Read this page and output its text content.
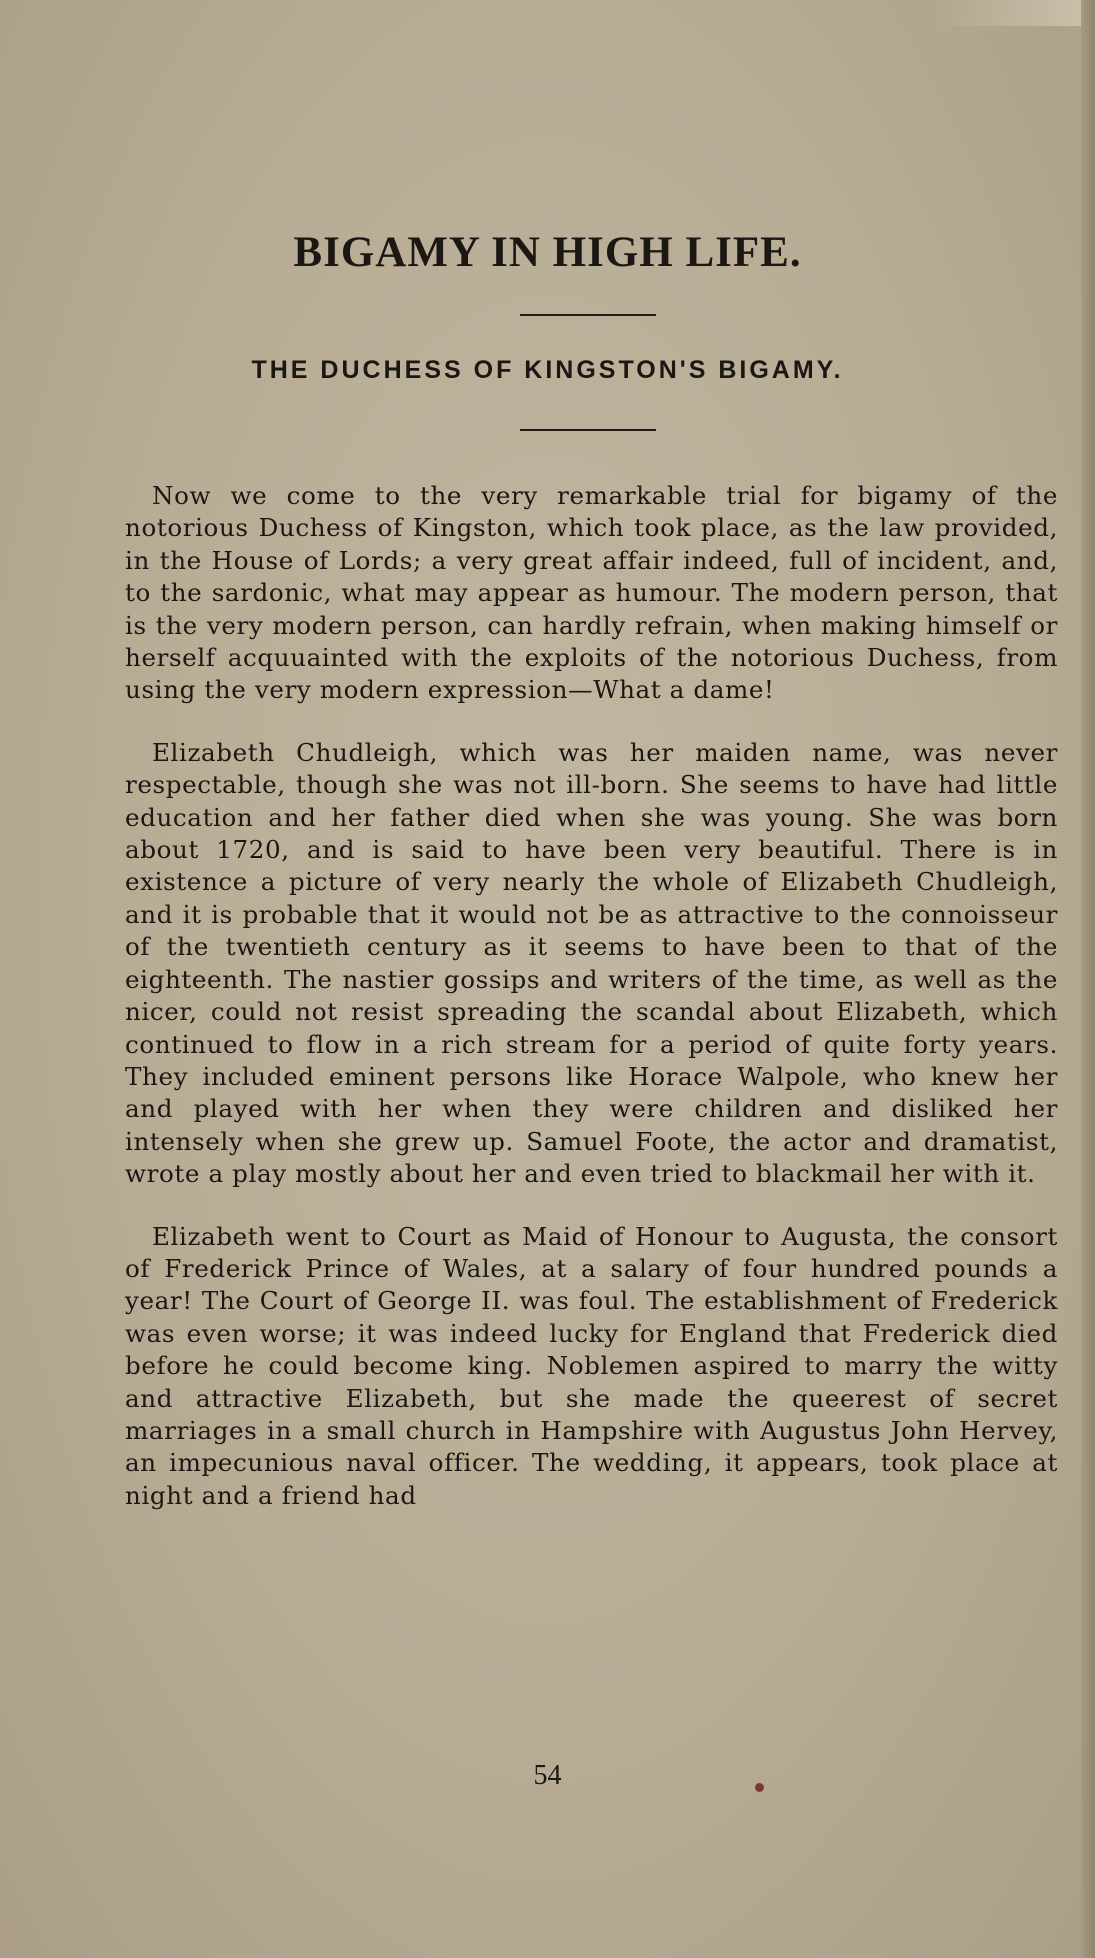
BIGAMY IN HIGH LIFE.
THE DUCHESS OF KINGSTON'S BIGAMY.

Now we come to the very remarkable trial for bigamy of the notorious Duchess of Kingston, which took place, as the law provided, in the House of Lords; a very great affair indeed, full of incident, and, to the sardonic, what may appear as humour. The modern person, that is the very modern person, can hardly refrain, when making himself or herself acquuainted with the exploits of the notorious Duchess, from using the very modern expression—What a dame!

Elizabeth Chudleigh, which was her maiden name, was never respectable, though she was not ill-born. She seems to have had little education and her father died when she was young. She was born about 1720, and is said to have been very beautiful. There is in existence a picture of very nearly the whole of Elizabeth Chudleigh, and it is probable that it would not be as attractive to the connoisseur of the twentieth century as it seems to have been to that of the eighteenth. The nastier gossips and writers of the time, as well as the nicer, could not resist spreading the scandal about Elizabeth, which continued to flow in a rich stream for a period of quite forty years. They included eminent persons like Horace Walpole, who knew her and played with her when they were children and disliked her intensely when she grew up. Samuel Foote, the actor and dramatist, wrote a play mostly about her and even tried to blackmail her with it.

Elizabeth went to Court as Maid of Honour to Augusta, the consort of Frederick Prince of Wales, at a salary of four hundred pounds a year! The Court of George II. was foul. The establishment of Frederick was even worse; it was indeed lucky for England that Frederick died before he could become king. Noblemen aspired to marry the witty and attractive Elizabeth, but she made the queerest of secret marriages in a small church in Hampshire with Augustus John Hervey, an impecunious naval officer. The wedding, it appears, took place at night and a friend had

54
